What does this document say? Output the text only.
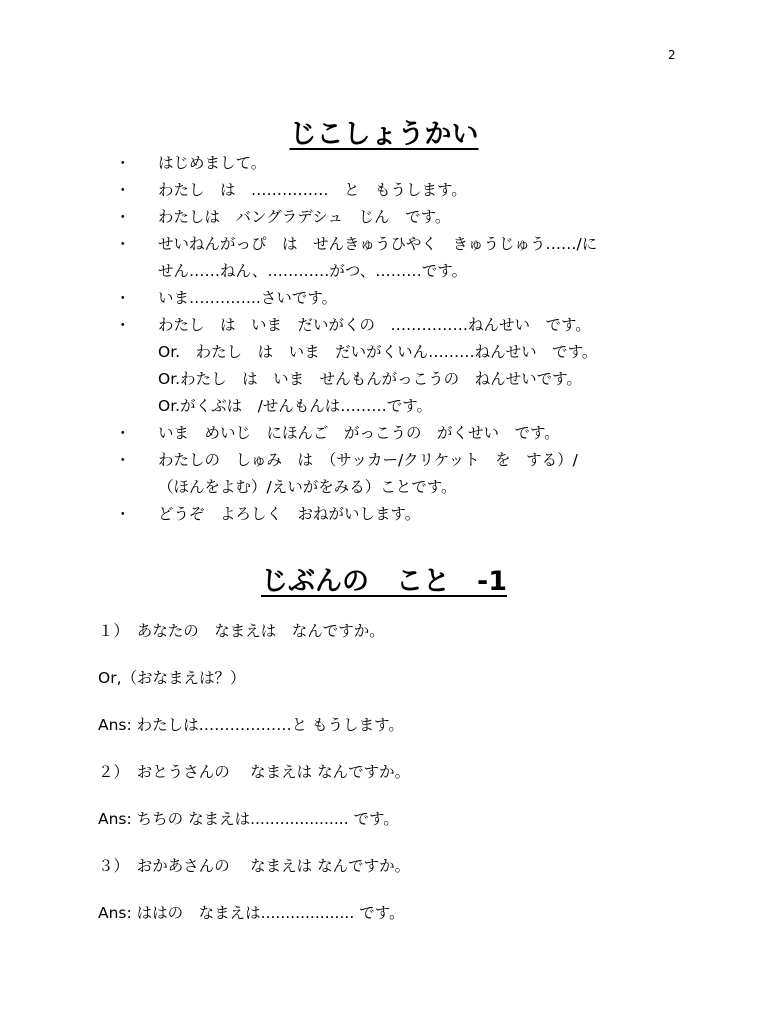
2
じこしょうかい
・ はじめまして。
・ わたし　は　……………　と　もうします。
・ わたしは　バングラデシュ　じん　です。
・ せいねんがっぴ　は　せんきゅうひやく　きゅうじゅう……/に
せん……ねん、…………がつ、………です。
・ いま…………..さいです。
・ わたし　は　いま　だいがくの　……………ねんせい　です。
Or.　わたし　は　いま　だいがくいん………ねんせい　です。
Or.わたし　は　いま　せんもんがっこうの　ねんせいです。
Or.がくぶは　/せんもんは………です。
・ いま　めいじ　にほんご　がっこうの　がくせい　です。
・ わたしの　しゅみ　は　（サッカー/クリケット　を　する）/
（ほんをよむ）/えいがをみる）ことです。
・ どうぞ　よろしく　おねがいします。
じぶんの　こと　-1

１）　あなたの　なまえは　なんですか。

Or,（おなまえは？）

Ans: わたしは………………と もうします。

２）　おとうさんの　 なまえは なんですか。

Ans: ちちの なまえは.................... です。

３）　おかあさんの　 なまえは なんですか。

Ans: ははの　なまえは................... です。
